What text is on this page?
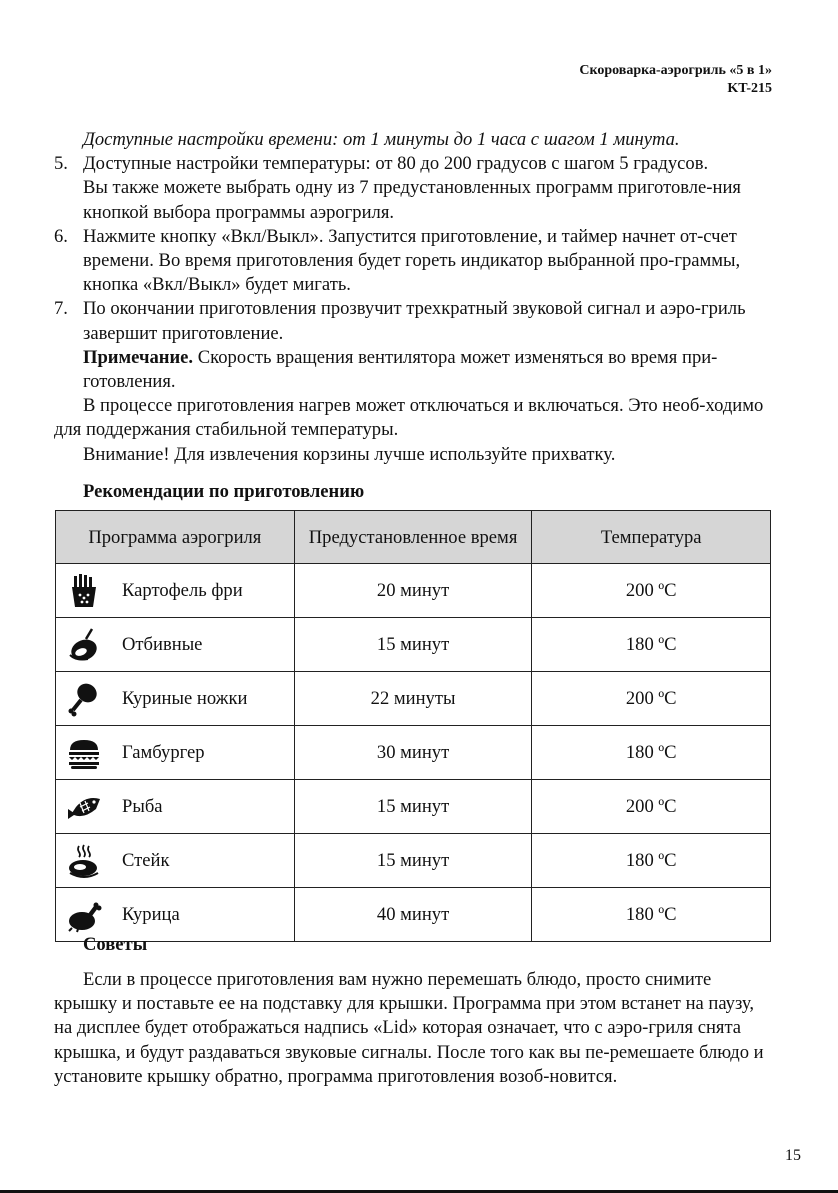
Скороварка-аэрогриль «5 в 1»
KT-215

Доступные настройки времени: от 1 минуты до 1 часа с шагом 1 минута.

5. Доступные настройки температуры: от 80 до 200 градусов с шагом 5 градусов.
Вы также можете выбрать одну из 7 предустановленных программ приготовле-ния кнопкой выбора программы аэрогриля.
6. Нажмите кнопку «Вкл/Выкл». Запустится приготовление, и таймер начнет от-счет времени. Во время приготовления будет гореть индикатор выбранной про-граммы, кнопка «Вкл/Выкл» будет мигать.
7. По окончании приготовления прозвучит трехкратный звуковой сигнал и аэро-гриль завершит приготовление.

Примечание. Скорость вращения вентилятора может изменяться во время при-готовления.

В процессе приготовления нагрев может отключаться и включаться. Это необ-ходимо для поддержания стабильной температуры.

Внимание! Для извлечения корзины лучше используйте прихватку.

Рекомендации по приготовлению
Программа аэрогриля	Предустановленное время	Температура

Картофель фри	20 минут	200 ºС

Отбивные	15 минут	180 ºС

Куриные ножки	22 минуты	200 ºС

Гамбургер	30 минут	180 ºС

Рыба	15 минут	200 ºС

Стейк	15 минут	180 ºС

Курица	40 минут	180 ºС
Советы

Если в процессе приготовления вам нужно перемешать блюдо, просто снимите крышку и поставьте ее на подставку для крышки. Программа при этом встанет на паузу, на дисплее будет отображаться надпись «Lid» которая означает, что с аэро-гриля снята крышка, и будут раздаваться звуковые сигналы. После того как вы пе-ремешаете блюдо и установите крышку обратно, программа приготовления возоб-новится.

15
